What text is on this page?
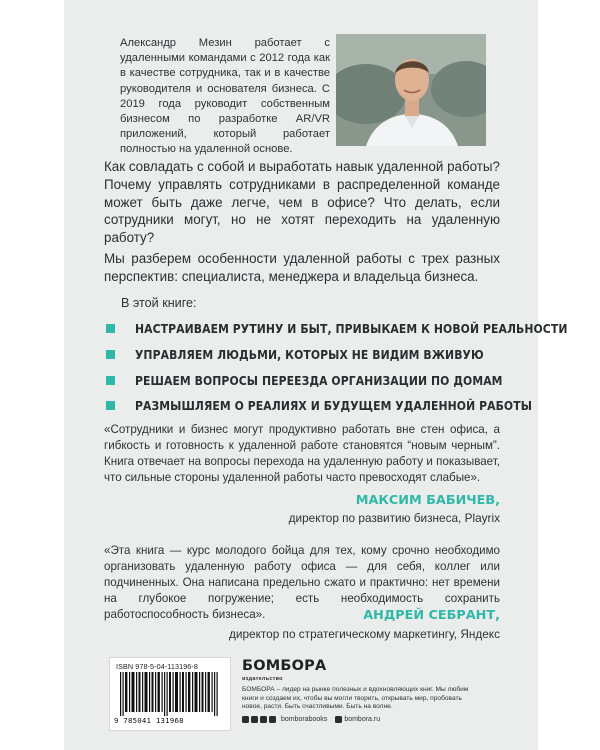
Александр Мезин работает с удаленными командами с 2012 года как в качестве сотрудника, так и в качестве руководителя и основателя бизнеса. С 2019 года руководит собственным бизнесом по разработке AR/VR приложений, который работает полностью на удаленной основе.
Как совладать с собой и выработать навык удаленной работы? Почему управлять сотрудниками в распределенной команде может быть даже легче, чем в офисе? Что делать, если сотрудники могут, но не хотят переходить на удаленную работу?
Мы разберем особенности удаленной работы с трех разных перспектив: специалиста, менеджера и владельца бизнеса.
В этой книге:
НАСТРАИВАЕМ РУТИНУ И БЫТ, ПРИВЫКАЕМ К НОВОЙ РЕАЛЬНОСТИ
УПРАВЛЯЕМ ЛЮДЬМИ, КОТОРЫХ НЕ ВИДИМ ВЖИВУЮ
РЕШАЕМ ВОПРОСЫ ПЕРЕЕЗДА ОРГАНИЗАЦИИ ПО ДОМАМ
РАЗМЫШЛЯЕМ О РЕАЛИЯХ И БУДУЩЕМ УДАЛЕННОЙ РАБОТЫ
«Сотрудники и бизнес могут продуктивно работать вне стен офиса, а гибкость и готовность к удаленной работе становятся “новым черным”. Книга отвечает на вопросы перехода на удаленную работу и показывает, что сильные стороны удаленной работы часто превосходят слабые».
МАКСИМ БАБИЧЕВ,
директор по развитию бизнеса, Playrix
«Эта книга — курс молодого бойца для тех, кому срочно необходимо организовать удаленную работу офиса — для себя, коллег или подчиненных. Она написана предельно сжато и практично: нет времени на глубокое погружение; есть необходимость сохранить работоспособность бизнеса».	АНДРЕЙ СЕБРАНТ,
директор по стратегическому маркетингу, Яндекс
ISBN 978-5-04-113196-8
9 785041 131968
БОМБОРА
издательство
БОМБОРА – лидер на рынке полезных и вдохновляющих книг. Мы любим книги и создаем их, чтобы вы могли творить, открывать мир, пробовать новое, расти. Быть счастливыми. Быть на волне.
bomborabooks bombora.ru
